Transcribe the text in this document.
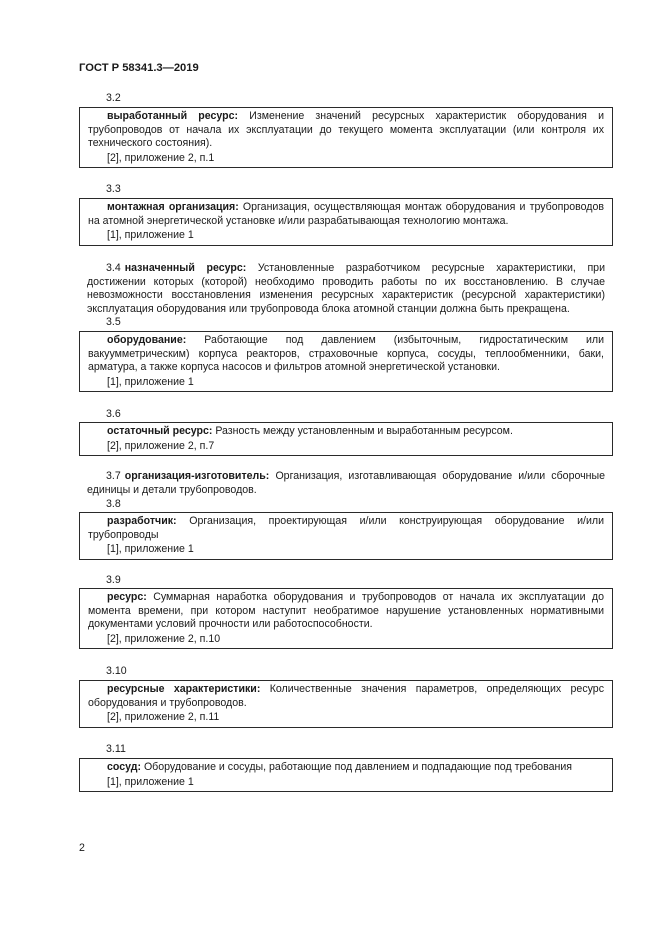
ГОСТ Р 58341.3—2019
3.2

выработанный ресурс: Изменение значений ресурсных характеристик оборудования и трубопроводов от начала их эксплуатации до текущего момента эксплуатации (или контроля их технического состояния).

[2], приложение 2, п.1

3.3

монтажная организация: Организация, осуществляющая монтаж оборудования и трубопроводов на атомной энергетической установке и/или разрабатывающая технологию монтажа.

[1], приложение 1

3.4 назначенный ресурс: Установленные разработчиком ресурсные характеристики, при достижении которых (которой) необходимо проводить работы по их восстановлению. В случае невозможности восстановления изменения ресурсных характеристик (ресурсной характеристики) эксплуатация оборудования или трубопровода блока атомной станции должна быть прекращена.

3.5

оборудование: Работающие под давлением (избыточным, гидростатическим или вакуумметрическим) корпуса реакторов, страховочные корпуса, сосуды, теплообменники, баки, арматура, а также корпуса насосов и фильтров атомной энергетической установки.

[1], приложение 1

3.6

остаточный ресурс: Разность между установленным и выработанным ресурсом.

[2], приложение 2, п.7

3.7 организация-изготовитель: Организация, изготавливающая оборудование и/или сборочные единицы и детали трубопроводов.

3.8

разработчик: Организация, проектирующая и/или конструирующая оборудование и/или трубопроводы

[1], приложение 1

3.9

ресурс: Суммарная наработка оборудования и трубопроводов от начала их эксплуатации до момента времени, при котором наступит необратимое нарушение установленных нормативными документами условий прочности или работоспособности.

[2], приложение 2, п.10

3.10

ресурсные характеристики: Количественные значения параметров, определяющих ресурс оборудования и трубопроводов.

[2], приложение 2, п.11

3.11

сосуд: Оборудование и сосуды, работающие под давлением и подпадающие под требования

[1], приложение 1

2
